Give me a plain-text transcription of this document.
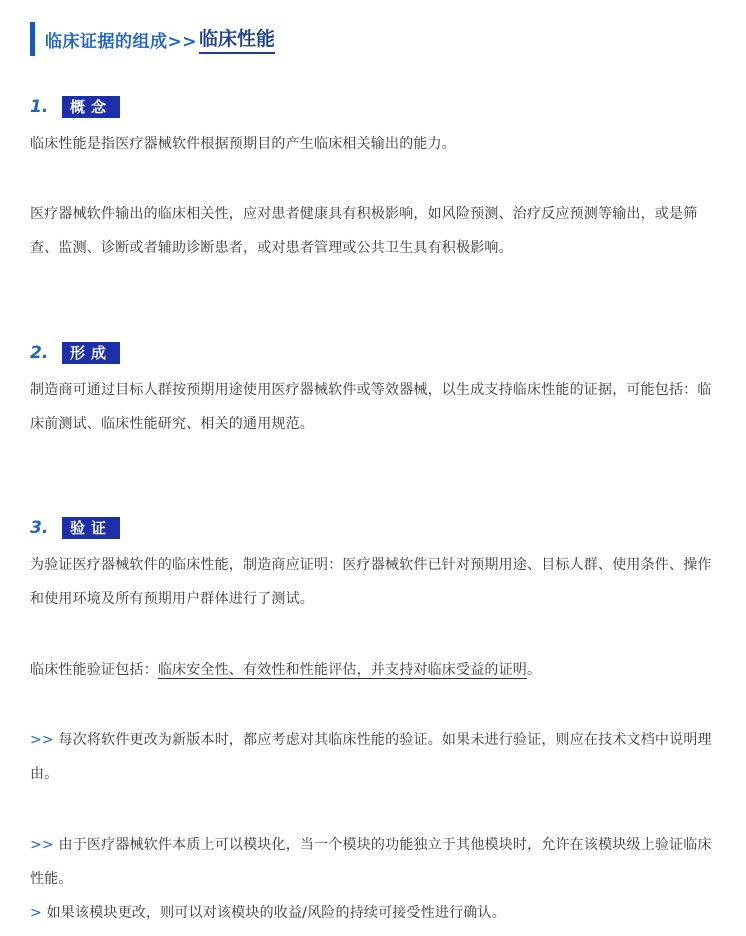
临床证据的组成>> 临床性能
1.	概念

临床性能是指医疗器械软件根据预期目的产生临床相关输出的能力。

医疗器械软件输出的临床相关性，应对患者健康具有积极影响，如风险预测、治疗反应预测等输出，或是筛查、监测、诊断或者辅助诊断患者，或对患者管理或公共卫生具有积极影响。

2.	形成

制造商可通过目标人群按预期用途使用医疗器械软件或等效器械，以生成支持临床性能的证据，可能包括：临床前测试、临床性能研究、相关的通用规范。

3.	验证

为验证医疗器械软件的临床性能，制造商应证明：医疗器械软件已针对预期用途、目标人群、使用条件、操作和使用环境及所有预期用户群体进行了测试。

临床性能验证包括：临床安全性、有效性和性能评估，并支持对临床受益的证明。

>> 每次将软件更改为新版本时，都应考虑对其临床性能的验证。如果未进行验证，则应在技术文档中说明理由。

>> 由于医疗器械软件本质上可以模块化，当一个模块的功能独立于其他模块时，允许在该模块级上验证临床性能。

> 如果该模块更改，则可以对该模块的收益/风险的持续可接受性进行确认。
